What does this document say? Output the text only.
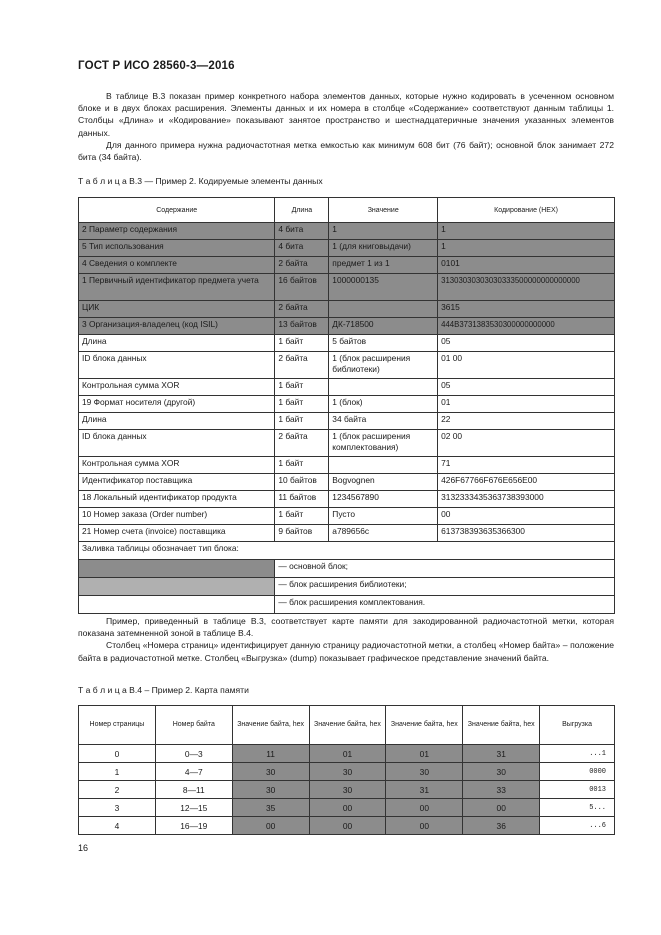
ГОСТ Р ИСО 28560-3—2016

В таблице B.3 показан пример конкретного набора элементов данных, которые нужно кодировать в усеченном основном блоке и в двух блоках расширения. Элементы данных и их номера в столбце «Содержание» соответствуют данным таблицы 1. Столбцы «Длина» и «Кодирование» показывают занятое пространство и шестнадцатеричные значения указанных элементов данных.

Для данного примера нужна радиочастотная метка емкостью как минимум 608 бит (76 байт); основной блок занимает 272 бита (34 байта).

Т а б л и ц а B.3 — Пример 2. Кодируемые элементы данных
Содержание	Длина	Значение	Кодирование (HEX)
2 Параметр содержания	4 бита	1	1
5 Тип использования	4 бита	1 (для книговыдачи)	1
4 Сведения о комплекте	2 байта	предмет 1 из 1	0101
1 Первичный идентификатор предмета учета	16 байтов	1000000135	31303030303030333500000000000000
ЦИК	2 байта		3615
3 Организация-владелец (код ISIL)	13 байтов	ДК-718500	444B3731383530300000000000
Длина	1 байт	5 байтов	05
ID блока данных	2 байта	1 (блок расширения библиотеки)	01 00
Контрольная сумма XOR	1 байт		05
19 Формат носителя (другой)	1 байт	1 (блок)	01
Длина	1 байт	34 байта	22
ID блока данных	2 байта	1 (блок расширения комплектования)	02 00
Контрольная сумма XOR	1 байт		71
Идентификатор поставщика	10 байтов	Bogvognen	426F67766F676E656E00
18 Локальный идентификатор продукта	11 байтов	1234567890	3132333435363738393000
10 Номер заказа (Order number)	1 байт	Пусто	00
21 Номер счета (invoice) поставщика	9 байтов	a789656c	613738393635366300
Заливка таблицы обозначает тип блока:			
	— основной блок;		
	— блок расширения библиотеки;		
	— блок расширения комплектования.		

Пример, приведенный в таблице B.3, соответствует карте памяти для закодированной радиочастотной метки, которая показана затемненной зоной в таблице B.4.

Столбец «Номера страниц» идентифицирует данную страницу радиочастотной метки, а столбец «Номер байта» – положение байта в радиочастотной метке. Столбец «Выгрузка» (dump) показывает графическое представление значений байта.

Т а б л и ц а B.4 – Пример 2. Карта памяти
Номер страницы	Номер байта	Значение байта, hex	Значение байта, hex	Значение байта, hex	Значение байта, hex	Выгрузка
0	0—3	11	01	01	31	...1
1	4—7	30	30	30	30	0000
2	8—11	30	30	31	33	0013
3	12—15	35	00	00	00	5...
4	16—19	00	00	00	36	...6
16
